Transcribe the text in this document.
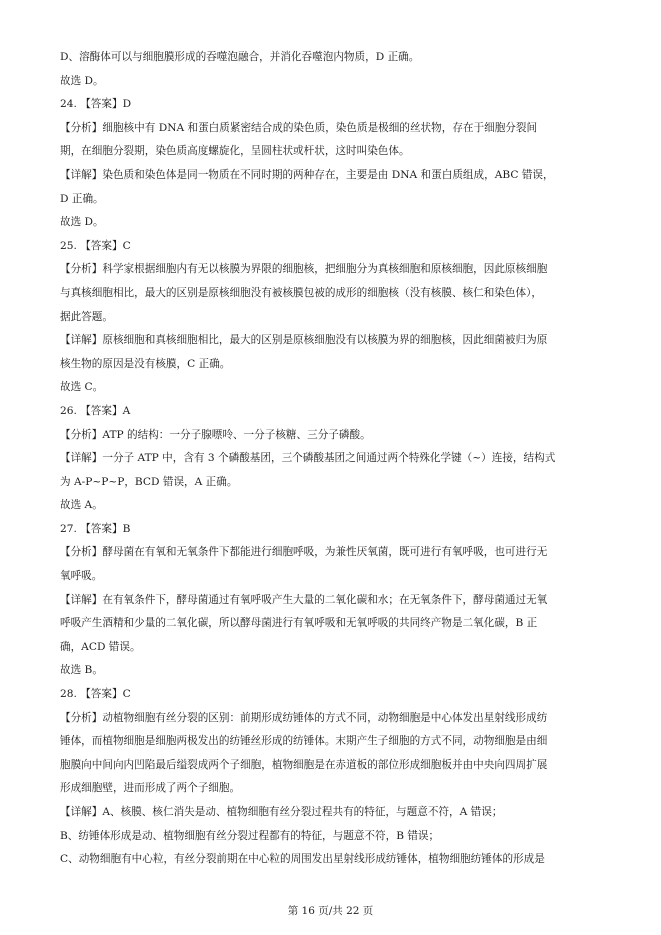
D、溶酶体可以与细胞膜形成的吞噬泡融合，并消化吞噬泡内物质，D 正确。
故选 D。
24. 【答案】D
【分析】细胞核中有 DNA 和蛋白质紧密结合成的染色质，染色质是极细的丝状物，存在于细胞分裂间
期，在细胞分裂期，染色质高度螺旋化，呈圆柱状或杆状，这时叫染色体。
【详解】染色质和染色体是同一物质在不同时期的两种存在，主要是由 DNA 和蛋白质组成，ABC 错误，
D 正确。
故选 D。
25. 【答案】C
【分析】科学家根据细胞内有无以核膜为界限的细胞核，把细胞分为真核细胞和原核细胞，因此原核细胞
与真核细胞相比，最大的区别是原核细胞没有被核膜包被的成形的细胞核（没有核膜、核仁和染色体），
据此答题。
【详解】原核细胞和真核细胞相比，最大的区别是原核细胞没有以核膜为界的细胞核，因此细菌被归为原
核生物的原因是没有核膜，C 正确。
故选 C。
26. 【答案】A
【分析】ATP 的结构：一分子腺嘌呤、一分子核糖、三分子磷酸。
【详解】一分子 ATP 中，含有 3 个磷酸基团，三个磷酸基团之间通过两个特殊化学键（~）连接，结构式
为 A-P~P~P，BCD 错误，A 正确。
故选 A。
27. 【答案】B
【分析】酵母菌在有氧和无氧条件下都能进行细胞呼吸，为兼性厌氧菌，既可进行有氧呼吸，也可进行无
氧呼吸。
【详解】在有氧条件下，酵母菌通过有氧呼吸产生大量的二氧化碳和水；在无氧条件下，酵母菌通过无氧
呼吸产生酒精和少量的二氧化碳，所以酵母菌进行有氧呼吸和无氧呼吸的共同终产物是二氧化碳，B 正
确，ACD 错误。
故选 B。
28. 【答案】C
【分析】动植物细胞有丝分裂的区别：前期形成纺锤体的方式不同，动物细胞是中心体发出星射线形成纺
锤体，而植物细胞是细胞两极发出的纺锤丝形成的纺锤体。末期产生子细胞的方式不同，动物细胞是由细
胞膜向中间向内凹陷最后缢裂成两个子细胞，植物细胞是在赤道板的部位形成细胞板并由中央向四周扩展
形成细胞壁，进而形成了两个子细胞。
【详解】A、核膜、核仁消失是动、植物细胞有丝分裂过程共有的特征，与题意不符，A 错误；
B、纺锤体形成是动、植物细胞有丝分裂过程都有的特征，与题意不符，B 错误；
C、动物细胞有中心粒，有丝分裂前期在中心粒的周围发出星射线形成纺锤体，植物细胞纺锤体的形成是
第 16 页/共 22 页
